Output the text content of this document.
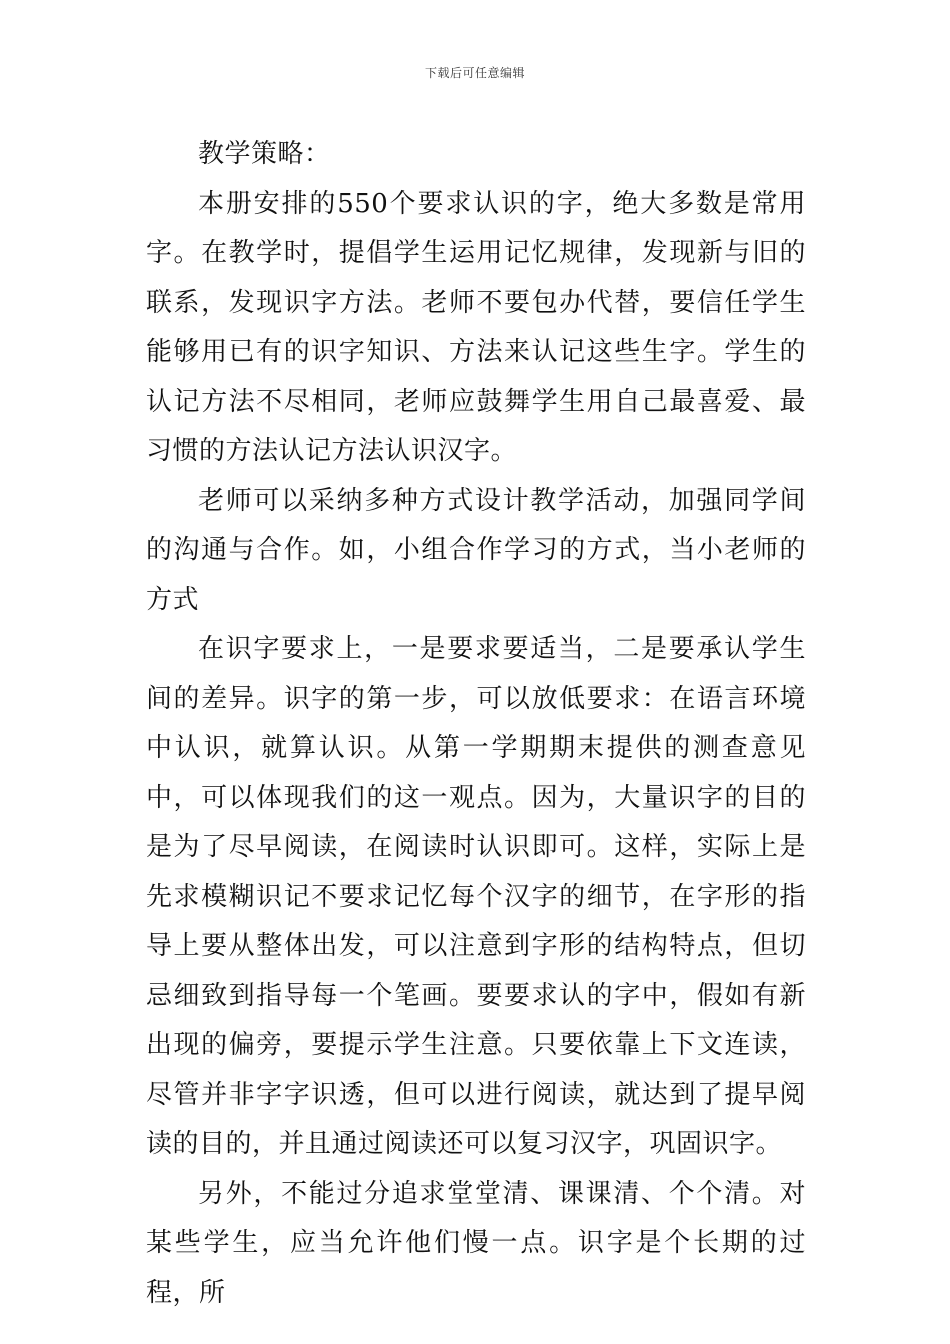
下载后可任意编辑

教学策略：

本册安排的550个要求认识的字，绝大多数是常用字。在教学时，提倡学生运用记忆规律，发现新与旧的联系，发现识字方法。老师不要包办代替，要信任学生能够用已有的识字知识、方法来认记这些生字。学生的认记方法不尽相同，老师应鼓舞学生用自己最喜爱、最习惯的方法认记方法认识汉字。

老师可以采纳多种方式设计教学活动，加强同学间的沟通与合作。如，小组合作学习的方式，当小老师的方式

在识字要求上，一是要求要适当，二是要承认学生间的差异。识字的第一步，可以放低要求：在语言环境中认识，就算认识。从第一学期期末提供的测查意见中，可以体现我们的这一观点。因为，大量识字的目的是为了尽早阅读，在阅读时认识即可。这样，实际上是先求模糊识记不要求记忆每个汉字的细节，在字形的指导上要从整体出发，可以注意到字形的结构特点，但切忌细致到指导每一个笔画。要要求认的字中，假如有新出现的偏旁，要提示学生注意。只要依靠上下文连读，尽管并非字字识透，但可以进行阅读，就达到了提早阅读的目的，并且通过阅读还可以复习汉字，巩固识字。

另外，不能过分追求堂堂清、课课清、个个清。对某些学生，应当允许他们慢一点。识字是个长期的过程，所
